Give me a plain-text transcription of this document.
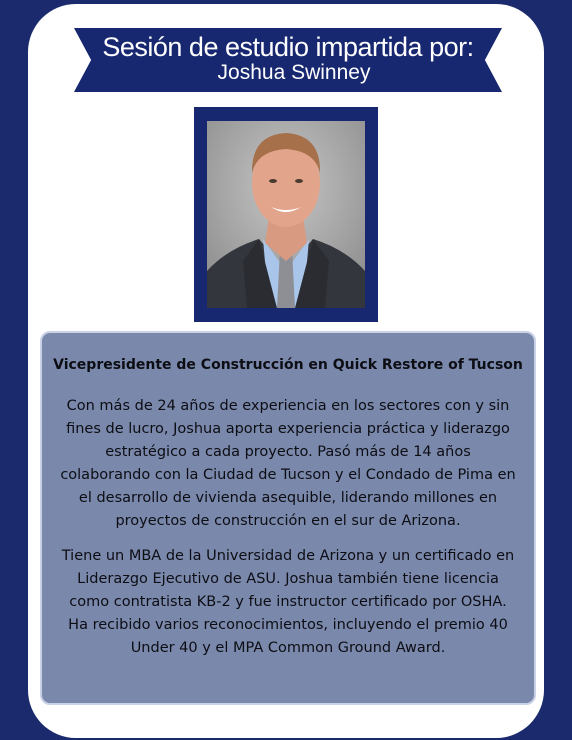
Sesión de estudio impartida por:
Joshua Swinney
Vicepresidente de Construcción en Quick Restore of Tucson

Con más de 24 años de experiencia en los sectores con y sin fines de lucro, Joshua aporta experiencia práctica y liderazgo estratégico a cada proyecto. Pasó más de 14 años colaborando con la Ciudad de Tucson y el Condado de Pima en el desarrollo de vivienda asequible, liderando millones en proyectos de construcción en el sur de Arizona.

Tiene un MBA de la Universidad de Arizona y un certificado en Liderazgo Ejecutivo de ASU. Joshua también tiene licencia como contratista KB-2 y fue instructor certificado por OSHA. Ha recibido varios reconocimientos, incluyendo el premio 40 Under 40 y el MPA Common Ground Award.
